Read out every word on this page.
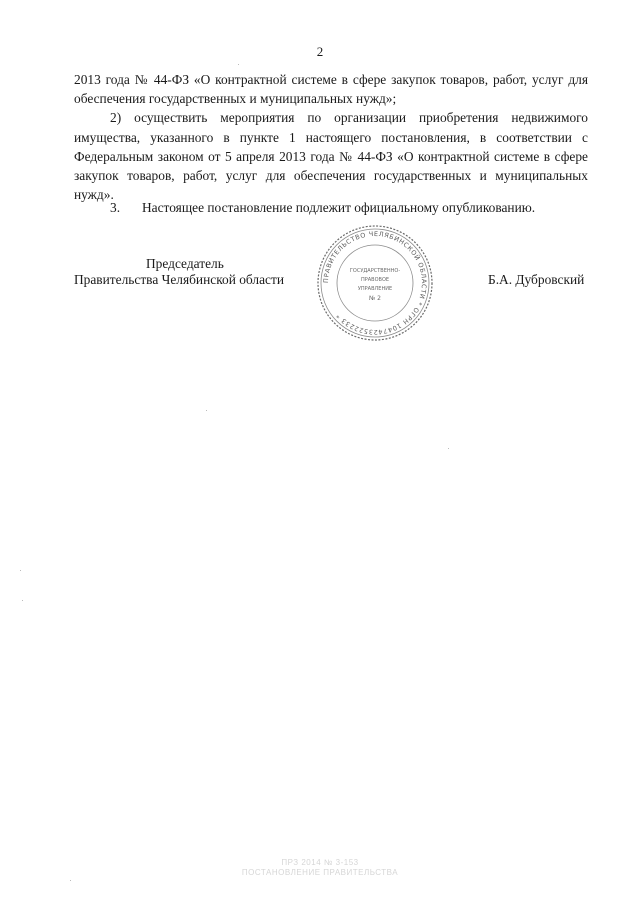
2

2013 года № 44-ФЗ «О контрактной системе в сфере закупок товаров, работ, услуг для обеспечения государственных и муниципальных нужд»;

2) осуществить мероприятия по организации приобретения недвижимого имущества, указанного в пункте 1 настоящего постановления, в соответствии с Федеральным законом от 5 апреля 2013 года № 44-ФЗ «О контрактной системе в сфере закупок товаров, работ, услуг для обеспечения государственных и муниципальных нужд».

3. Настоящее постановление подлежит официальному опубликованию.
Председатель
Правительства Челябинской области	Б.А. Дубровский
ПРАВИТЕЛЬСТВО ЧЕЛЯБИНСКОЙ ОБЛАСТИ * ОГРН 1047423522233 *
ГОСУДАРСТВЕННО-
ПРАВОВОЕ
УПРАВЛЕНИЕ
№ 2
ПРЗ 2014 № 3-153
ПОСТАНОВЛЕНИЕ ПРАВИТЕЛЬСТВА
